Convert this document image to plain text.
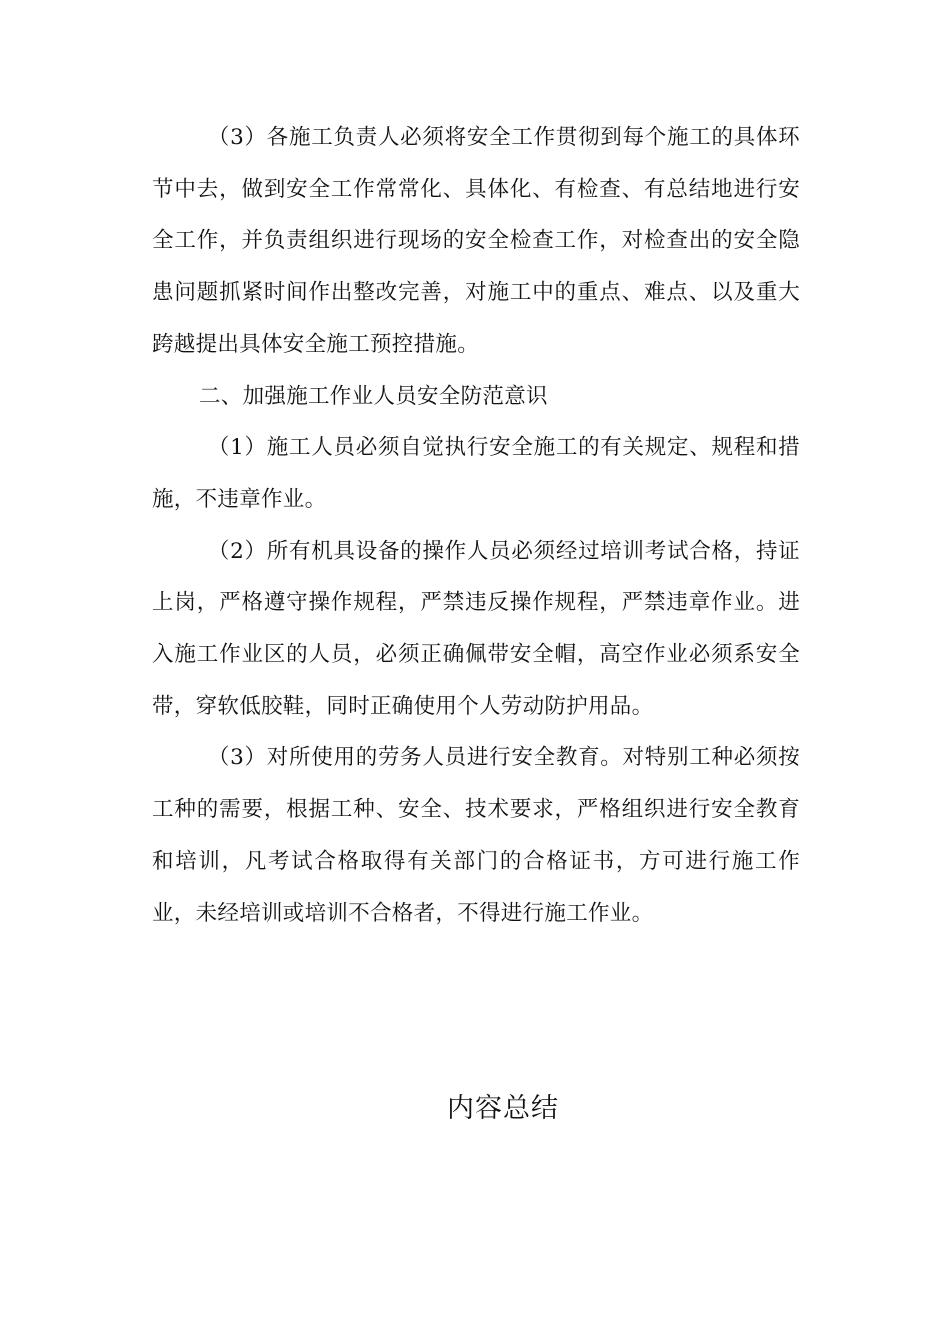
（3）各施工负责人必须将安全工作贯彻到每个施工的具体环节中去，做到安全工作常常化、具体化、有检查、有总结地进行安全工作，并负责组织进行现场的安全检查工作，对检查出的安全隐患问题抓紧时间作出整改完善，对施工中的重点、难点、以及重大跨越提出具体安全施工预控措施。

二、加强施工作业人员安全防范意识

（1）施工人员必须自觉执行安全施工的有关规定、规程和措施，不违章作业。

（2）所有机具设备的操作人员必须经过培训考试合格，持证上岗，严格遵守操作规程，严禁违反操作规程，严禁违章作业。进入施工作业区的人员，必须正确佩带安全帽，高空作业必须系安全带，穿软低胶鞋，同时正确使用个人劳动防护用品。

（3）对所使用的劳务人员进行安全教育。对特别工种必须按工种的需要，根据工种、安全、技术要求，严格组织进行安全教育和培训，凡考试合格取得有关部门的合格证书，方可进行施工作业，未经培训或培训不合格者，不得进行施工作业。

内容总结
